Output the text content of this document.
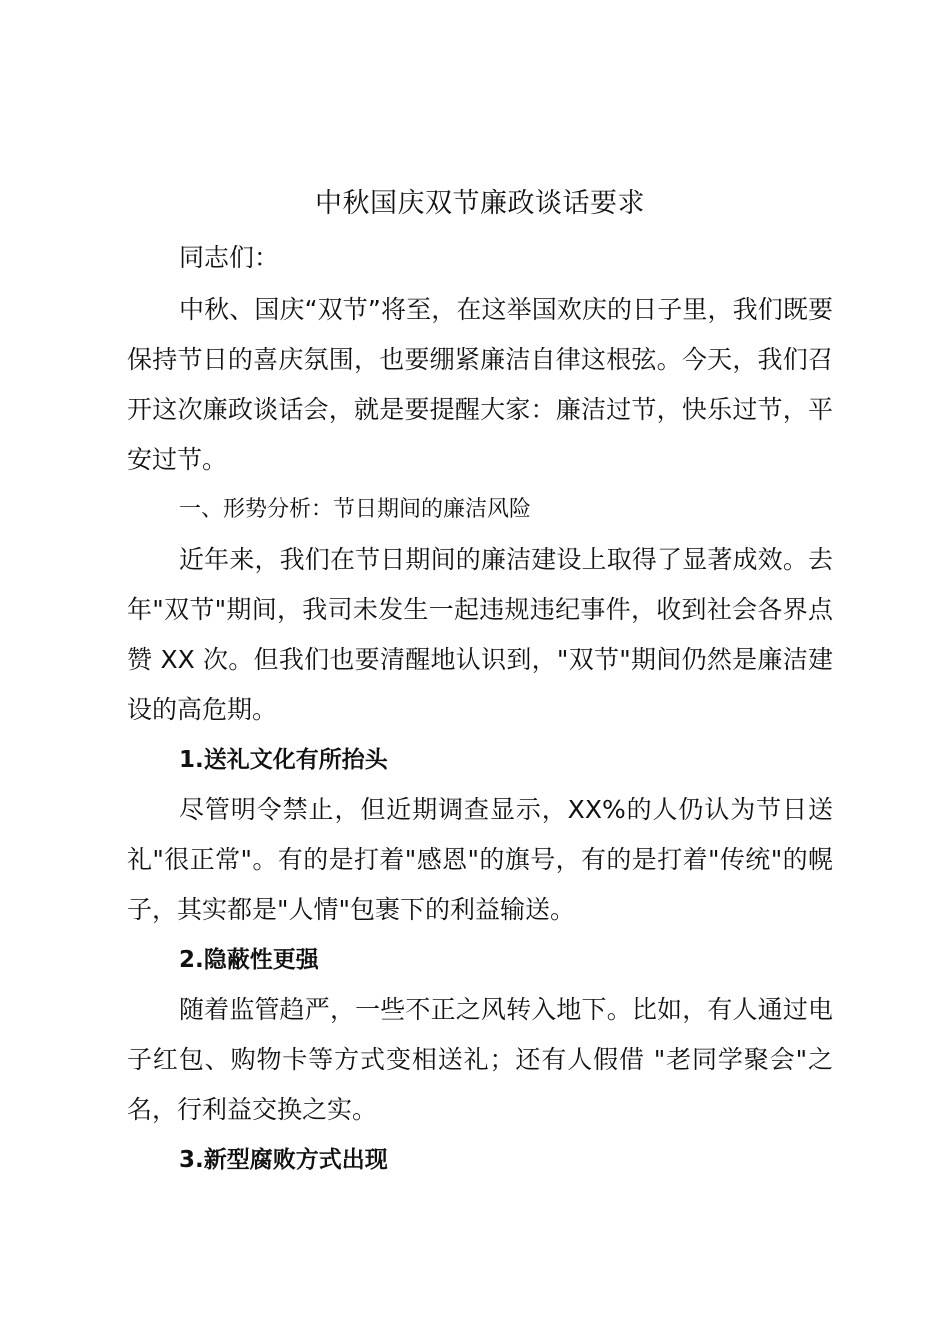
中秋国庆双节廉政谈话要求

同志们：

中秋、国庆“双节”将至，在这举国欢庆的日子里，我们既要保持节日的喜庆氛围，也要绷紧廉洁自律这根弦。今天，我们召开这次廉政谈话会，就是要提醒大家：廉洁过节，快乐过节，平安过节。

一、形势分析：节日期间的廉洁风险

近年来，我们在节日期间的廉洁建设上取得了显著成效。去年"双节"期间，我司未发生一起违规违纪事件，收到社会各界点赞 XX 次。但我们也要清醒地认识到，"双节"期间仍然是廉洁建设的高危期。

1.送礼文化有所抬头

尽管明令禁止，但近期调查显示，XX%的人仍认为节日送礼"很正常"。有的是打着"感恩"的旗号，有的是打着"传统"的幌子，其实都是"人情"包裹下的利益输送。

2.隐蔽性更强

随着监管趋严，一些不正之风转入地下。比如，有人通过电子红包、购物卡等方式变相送礼；还有人假借 "老同学聚会"之名，行利益交换之实。

3.新型腐败方式出现
